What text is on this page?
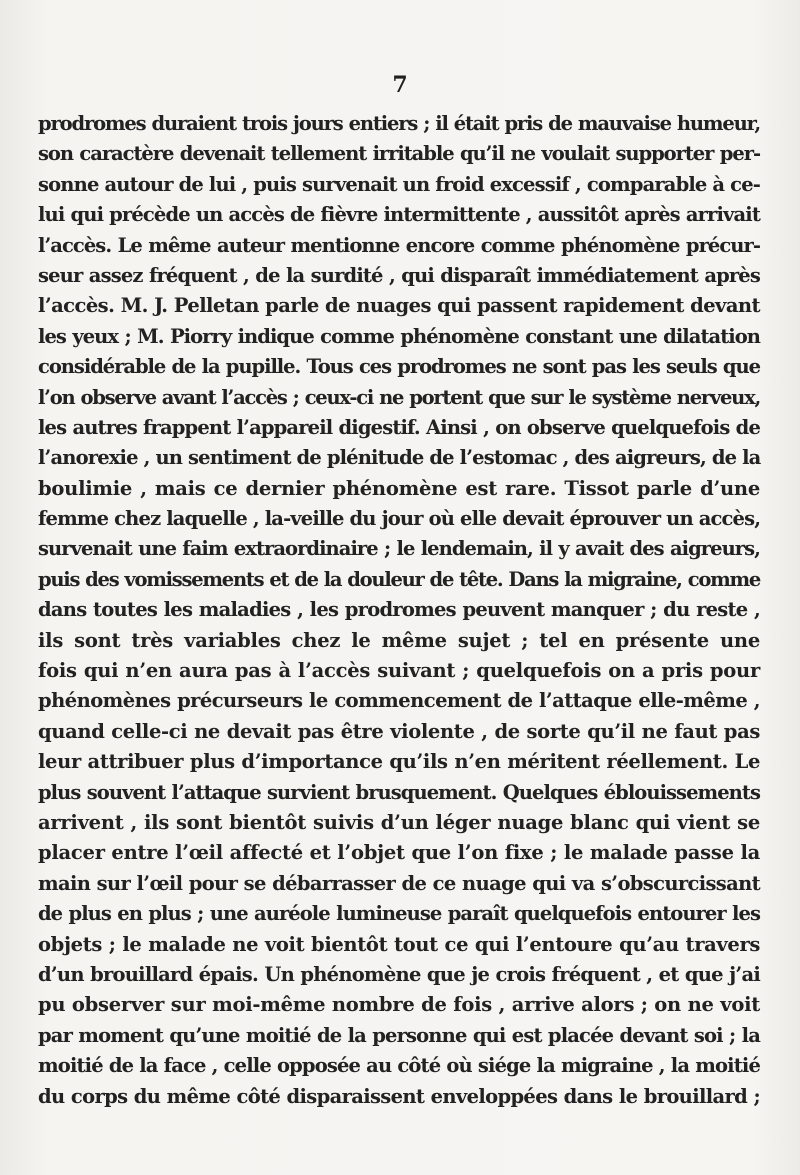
7
prodromes duraient trois jours entiers ; il était pris de mauvaise humeur,
son caractère devenait tellement irritable qu’il ne voulait supporter per-
sonne autour de lui , puis survenait un froid excessif , comparable à ce-
lui qui précède un accès de fièvre intermittente , aussitôt après arrivait
l’accès. Le même auteur mentionne encore comme phénomène précur-
seur assez fréquent , de la surdité , qui disparaît immédiatement après
l’accès. M. J. Pelletan parle de nuages qui passent rapidement devant
les yeux ; M. Piorry indique comme phénomène constant une dilatation
considérable de la pupille. Tous ces prodromes ne sont pas les seuls que
l’on observe avant l’accès ; ceux-ci ne portent que sur le système nerveux,
les autres frappent l’appareil digestif. Ainsi , on observe quelquefois de
l’anorexie , un sentiment de plénitude de l’estomac , des aigreurs, de la
boulimie , mais ce dernier phénomène est rare. Tissot parle d’une
femme chez laquelle , la-veille du jour où elle devait éprouver un accès,
survenait une faim extraordinaire ; le lendemain, il y avait des aigreurs,
puis des vomissements et de la douleur de tête. Dans la migraine, comme
dans toutes les maladies , les prodromes peuvent manquer ; du reste ,
ils sont très variables chez le même sujet ; tel en présente une
fois qui n’en aura pas à l’accès suivant ; quelquefois on a pris pour
phénomènes précurseurs le commencement de l’attaque elle-même ,
quand celle-ci ne devait pas être violente , de sorte qu’il ne faut pas
leur attribuer plus d’importance qu’ils n’en méritent réellement. Le
plus souvent l’attaque survient brusquement. Quelques éblouissements
arrivent , ils sont bientôt suivis d’un léger nuage blanc qui vient se
placer entre l’œil affecté et l’objet que l’on fixe ; le malade passe la
main sur l’œil pour se débarrasser de ce nuage qui va s’obscurcissant
de plus en plus ; une auréole lumineuse paraît quelquefois entourer les
objets ; le malade ne voit bientôt tout ce qui l’entoure qu’au travers
d’un brouillard épais. Un phénomène que je crois fréquent , et que j’ai
pu observer sur moi-même nombre de fois , arrive alors ; on ne voit
par moment qu’une moitié de la personne qui est placée devant soi ; la
moitié de la face , celle opposée au côté où siége la migraine , la moitié
du corps du même côté disparaissent enveloppées dans le brouillard ;
